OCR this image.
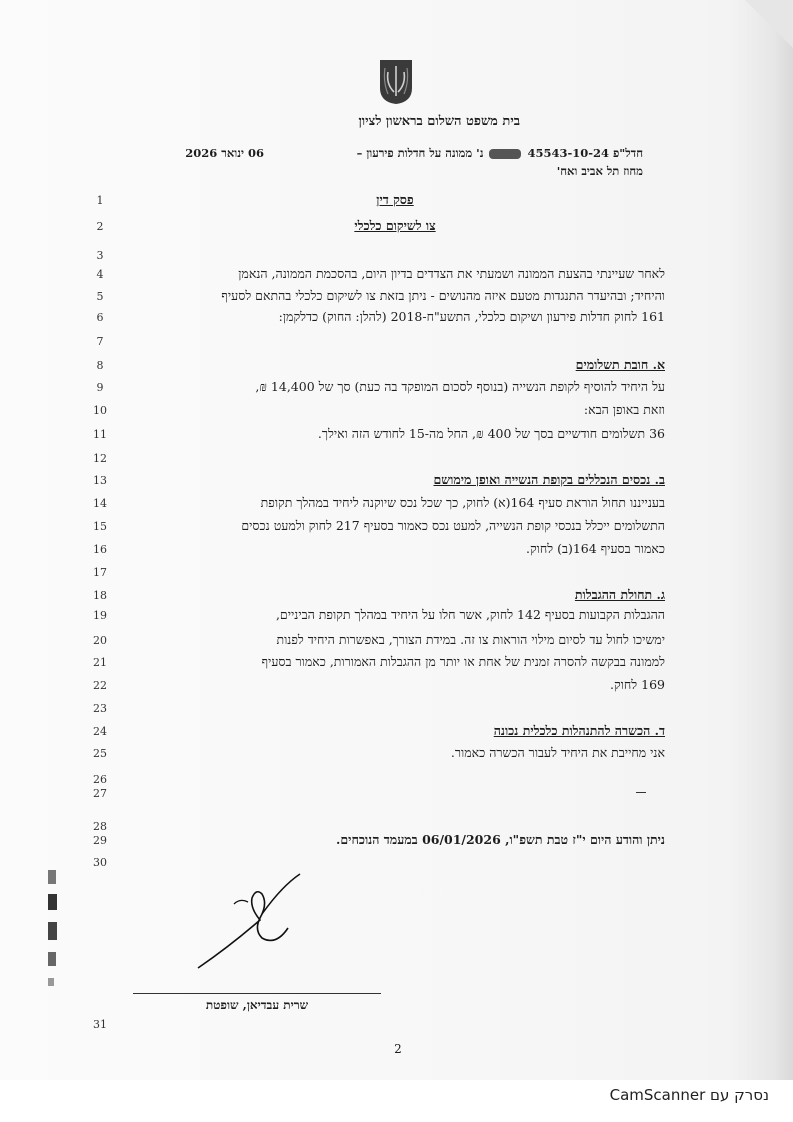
בית משפט השלום בראשון לציון
חדל"פ 45543-10-24  נ' ממונה על חדלות פירעון –
מחוז תל אביב ואח'
06 ינואר 2026
1	פסק דין
2	צו לשיקום כלכלי
3
4	לאחר שעיינתי בהצעת הממונה ושמעתי את הצדדים בדיון היום, בהסכמת הממונה, הנאמן
5	והיחיד; ובהיעדר התנגדות מטעם איזה מהנושים - ניתן בזאת צו לשיקום כלכלי בהתאם לסעיף
6	161 לחוק חדלות פירעון ושיקום כלכלי, התשע"ח-2018 (להלן: החוק) כדלקמן:
7
8	א. חובת תשלומים
9	על היחיד להוסיף לקופת הנשייה (בנוסף לסכום המופקד בה כעת) סך של 14,400 ₪,
10	וזאת באופן הבא:
11	36 תשלומים חודשיים בסך של 400 ₪, החל מה-15 לחודש הזה ואילך.
12
13	ב. נכסים הנכללים בקופת הנשייה ואופן מימושם
14	בענייננו תחול הוראת סעיף 164(א) לחוק, כך שכל נכס שיוקנה ליחיד במהלך תקופת
15	התשלומים ייכלל בנכסי קופת הנשייה, למעט נכס כאמור בסעיף 217 לחוק ולמעט נכסים
16	כאמור בסעיף 164(ב) לחוק.
17
18	ג. תחולת ההגבלות
19	ההגבלות הקבועות בסעיף 142 לחוק, אשר חלו על היחיד במהלך תקופת הביניים,
20	ימשיכו לחול עד לסיום מילוי הוראות צו זה. במידת הצורך, באפשרות היחיד לפנות
21	לממונה בבקשה להסרה זמנית של אחת או יותר מן ההגבלות האמורות, כאמור בסעיף
22	169 לחוק.
23
24	ד. הכשרה להתנהלות כלכלית נכונה
25	אני מחייבת את היחיד לעבור הכשרה כאמור.
26
27
28
29	ניתן והודע היום י"ז טבת תשפ"ו, 06/01/2026 במעמד הנוכחים.
30
שרית עבדיאן, שופטת
31
2
נסרק עם CamScanner
